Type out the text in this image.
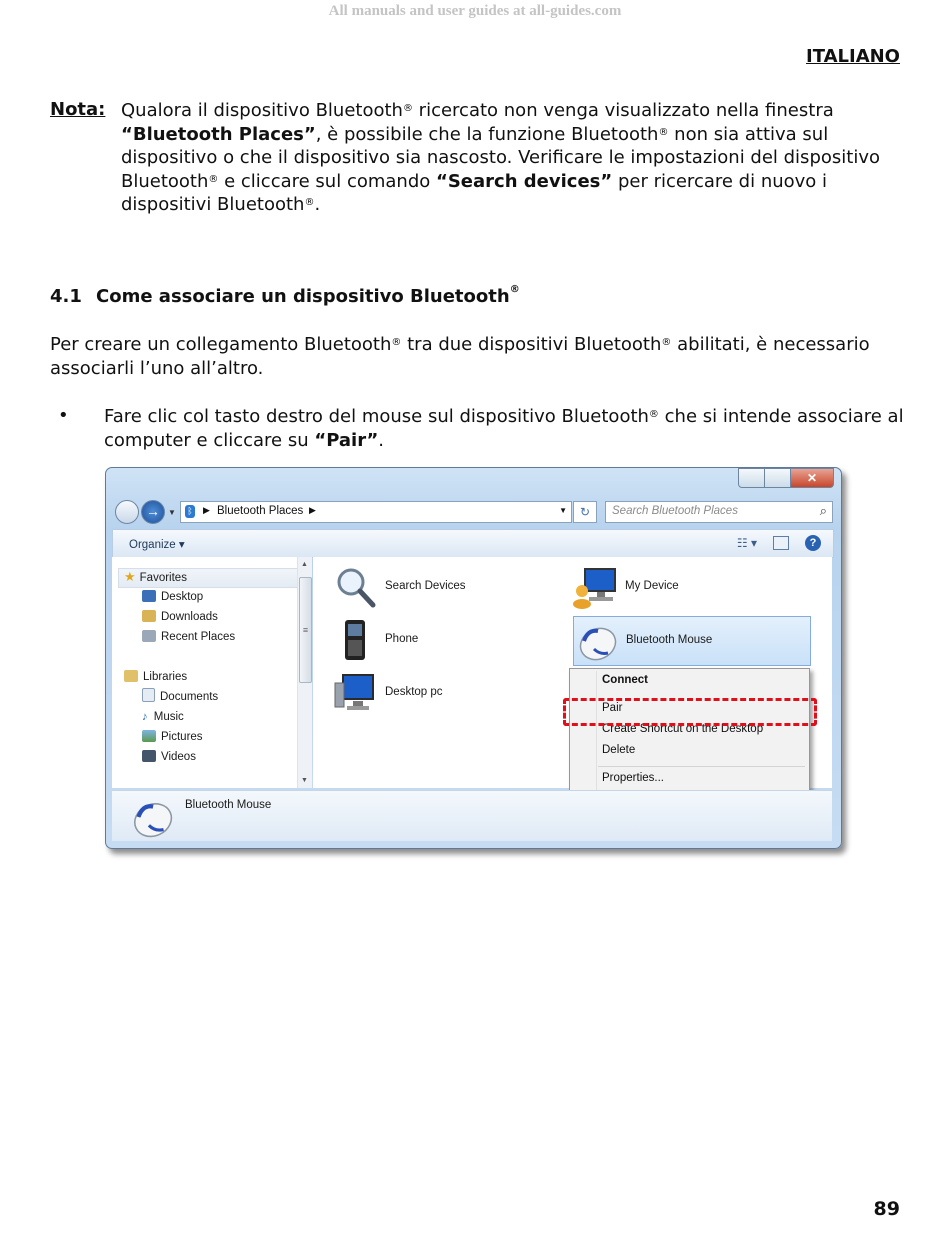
All manuals and user guides at all-guides.com
ITALIANO
Nota: Qualora il dispositivo Bluetooth® ricercato non venga visualizzato nella finestra “Bluetooth Places”, è possibile che la funzione Bluetooth® non sia attiva sul dispositivo o che il dispositivo sia nascosto. Verificare le impostazioni del dispositivo Bluetooth® e cliccare sul comando “Search devices” per ricercare di nuovo i dispositivi Bluetooth®.
4.1 Come associare un dispositivo Bluetooth®
Per creare un collegamento Bluetooth® tra due dispositivi Bluetooth® abilitati, è necessario associarli l’uno all’altro.
• Fare clic col tasto destro del mouse sul dispositivo Bluetooth® che si intende associare al computer e cliccare su “Pair”.
✕
→	▼ ᛒ ▶ Bluetooth Places ▶	▼	↻	Search Bluetooth Places	⌕
Organize ▾	☷ ▾	?
★ Favorites
Desktop
Downloads
Recent Places
Libraries
Documents
♪ Music
Pictures
Videos
▲
≡
▼
Search Devices	My Device
Phone	Bluetooth Mouse
Desktop pc
Connect
Pair
Create Shortcut on the Desktop
Delete
Properties...
Bluetooth Mouse
89
